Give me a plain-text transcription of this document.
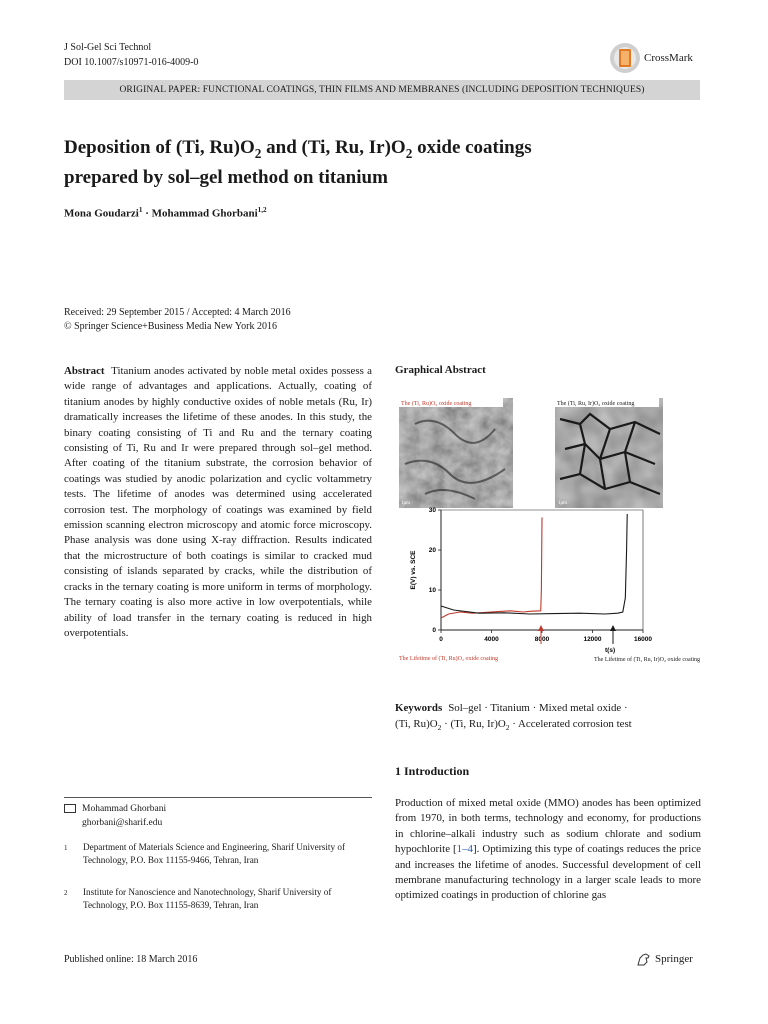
J Sol-Gel Sci Technol
DOI 10.1007/s10971-016-4009-0	CrossMark
ORIGINAL PAPER: FUNCTIONAL COATINGS, THIN FILMS AND MEMBRANES (INCLUDING DEPOSITION TECHNIQUES)
Deposition of (Ti, $Ru)O_2$ and (Ti, Ru, $Ir)O_2$ oxide coatings
prepared by sol–gel method on titanium
Mona Goudarzi$^1$ · Mohammad Ghorbani$^{1,2}$
Received: 29 September 2015 / Accepted: 4 March 2016
© Springer Science+Business Media New York 2016
Abstract Titanium anodes activated by noble metal oxides possess a wide range of advantages and applications. Actually, coating of titanium anodes by highly conductive oxides of noble metals (Ru, Ir) dramatically increases the lifetime of these anodes. In this study, the binary coating consisting of Ti and Ru and the ternary coating consisting of Ti, Ru and Ir were prepared through sol–gel method. After coating of the titanium substrate, the corrosion behavior of coatings was studied by anodic polarization and cyclic voltammetry tests. The lifetime of anodes was determined using accelerated corrosion test. The morphology of coatings was examined by field emission scanning electron microscopy and atomic force microscopy. Phase analysis was done using X-ray diffraction. Results indicated that the microstructure of both coatings is similar to cracked mud consisting of islands separated by cracks, while the distribution of cracks in the ternary coating is more uniform in terms of morphology. The ternary coating is also more active in low overpotentials, while ability of load transfer in the ternary coating is reduced in high overpotentials.
Graphical Abstract
The (Ti, Ru)O₂ oxide coating
1μm
The (Ti, Ru, Ir)O₂ oxide coating
1μm
0	4000	8000	12000	16000
0
10
20
30
E(V) vs. SCE
t(s)
The Lifetime of (Ti, Ru)O₂ oxide coating	The Lifetime of (Ti, Ru, Ir)O₂ oxide coating
Keywords Sol–gel · Titanium · Mixed metal oxide ·
(Ti, $Ru)O_2 \cdot (Ti$, Ru, $Ir)O_2$ · Accelerated corrosion test
1 Introduction
Production of mixed metal oxide (MMO) anodes has been optimized from 1970, in both terms, technology and economy, for productions in chlorine–alkali industry such as sodium chlorate and sodium hypochlorite [1–4]. Optimizing this type of coatings reduces the price and increases the lifetime of anodes. Successful development of cell membrane manufacturing technology in a larger scale leads to more optimized coatings in production of chlorine gas
Mohammad Ghorbani
ghorbani@sharif.edu
1 Department of Materials Science and Engineering, Sharif University of Technology, P.O. Box 11155-9466, Tehran, Iran
2 Institute for Nanoscience and Nanotechnology, Sharif University of Technology, P.O. Box 11155-8639, Tehran, Iran
Published online: 18 March 2016	Springer
